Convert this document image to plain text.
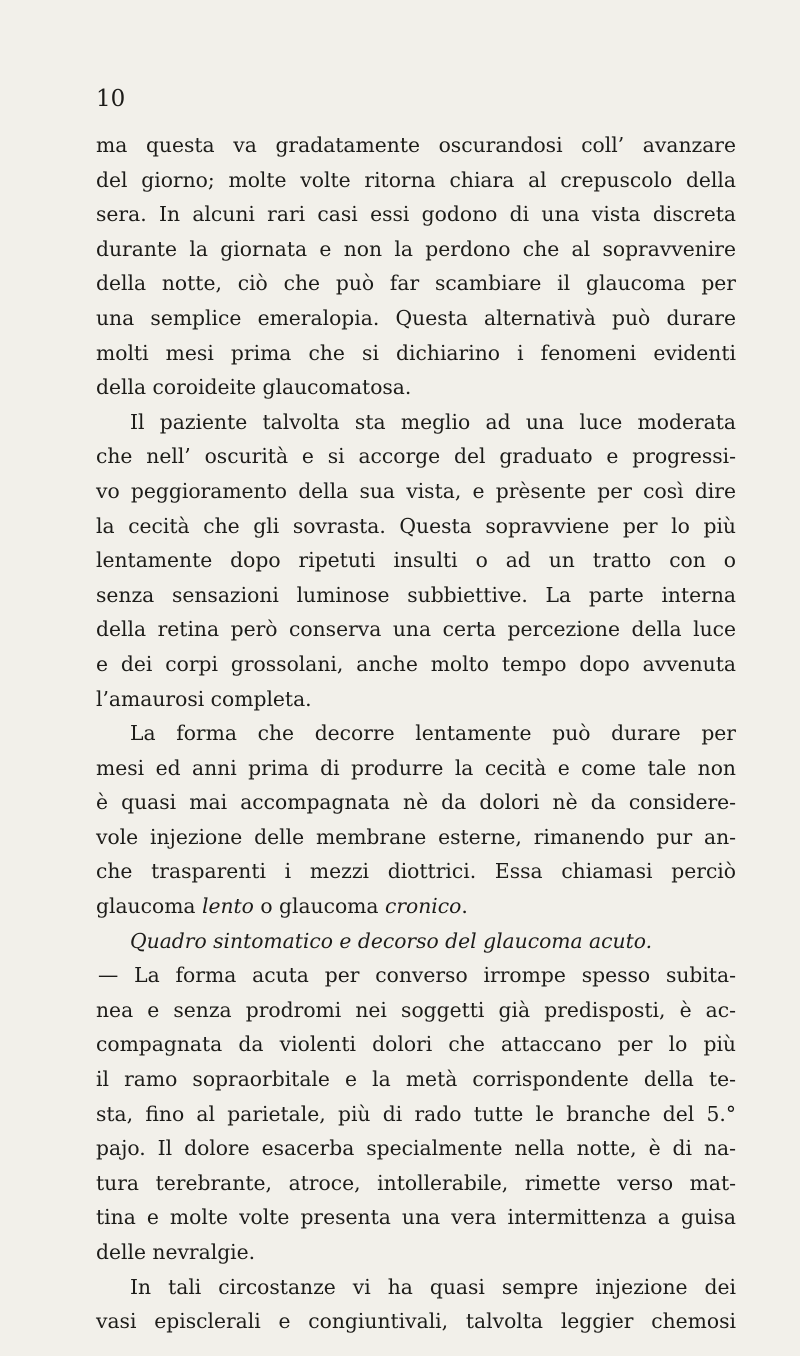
10
ma questa va gradatamente oscurandosi coll’ avanzare
del giorno; molte volte ritorna chiara al crepuscolo della
sera. In alcuni rari casi essi godono di una vista discreta
durante la giornata e non la perdono che al sopravvenire
della notte, ciò che può far scambiare il glaucoma per
una semplice emeralopia. Questa alternativà può durare
molti mesi prima che si dichiarino i fenomeni evidenti
della coroideite glaucomatosa.
Il paziente talvolta sta meglio ad una luce moderata
che nell’ oscurità e si accorge del graduato e progressi-
vo peggioramento della sua vista, e prèsente per così dire
la cecità che gli sovrasta. Questa sopravviene per lo più
lentamente dopo ripetuti insulti o ad un tratto con o
senza sensazioni luminose subbiettive. La parte interna
della retina però conserva una certa percezione della luce
e dei corpi grossolani, anche molto tempo dopo avvenuta
l’amaurosi completa.
La forma che decorre lentamente può durare per
mesi ed anni prima di produrre la cecità e come tale non
è quasi mai accompagnata nè da dolori nè da considere-
vole injezione delle membrane esterne, rimanendo pur an-
che trasparenti i mezzi diottrici. Essa chiamasi perciò
glaucoma lento o glaucoma cronico.
Quadro sintomatico e decorso del glaucoma acuto.
— La forma acuta per converso irrompe spesso subita-
nea e senza prodromi nei soggetti già predisposti, è ac-
compagnata da violenti dolori che attaccano per lo più
il ramo sopraorbitale e la metà corrispondente della te-
sta, fino al parietale, più di rado tutte le branche del 5.°
pajo. Il dolore esacerba specialmente nella notte, è di na-
tura terebrante, atroce, intollerabile, rimette verso mat-
tina e molte volte presenta una vera intermittenza a guisa
delle nevralgie.
In tali circostanze vi ha quasi sempre injezione dei
vasi episclerali e congiuntivali, talvolta leggier chemosi
